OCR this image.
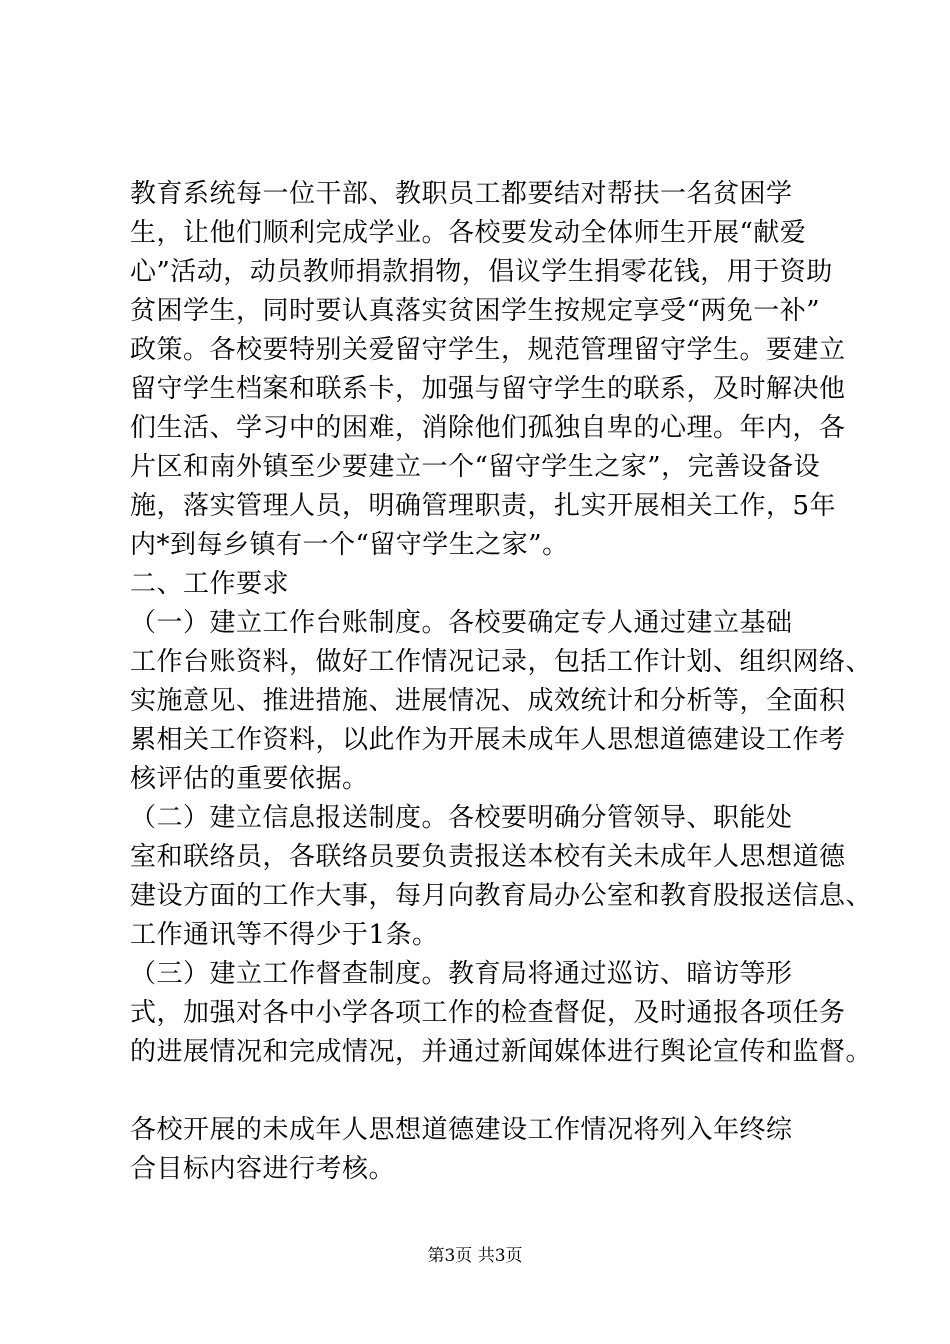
教育系统每一位干部、教职员工都要结对帮扶一名贫困学
生，让他们顺利完成学业。各校要发动全体师生开展“献爱
心”活动，动员教师捐款捐物，倡议学生捐零花钱，用于资助
贫困学生，同时要认真落实贫困学生按规定享受“两免一补”
政策。各校要特别关爱留守学生，规范管理留守学生。要建立
留守学生档案和联系卡，加强与留守学生的联系，及时解决他
们生活、学习中的困难，消除他们孤独自卑的心理。年内，各
片区和南外镇至少要建立一个“留守学生之家”，完善设备设
施，落实管理人员，明确管理职责，扎实开展相关工作，5年
内*到每乡镇有一个“留守学生之家”。
二、工作要求
（一）建立工作台账制度。各校要确定专人通过建立基础
工作台账资料，做好工作情况记录，包括工作计划、组织网络、
实施意见、推进措施、进展情况、成效统计和分析等，全面积
累相关工作资料，以此作为开展未成年人思想道德建设工作考
核评估的重要依据。
（二）建立信息报送制度。各校要明确分管领导、职能处
室和联络员，各联络员要负责报送本校有关未成年人思想道德
建设方面的工作大事，每月向教育局办公室和教育股报送信息、
工作通讯等不得少于1条。
（三）建立工作督查制度。教育局将通过巡访、暗访等形
式，加强对各中小学各项工作的检查督促，及时通报各项任务
的进展情况和完成情况，并通过新闻媒体进行舆论宣传和监督。
各校开展的未成年人思想道德建设工作情况将列入年终综
合目标内容进行考核。
第3页 共3页
